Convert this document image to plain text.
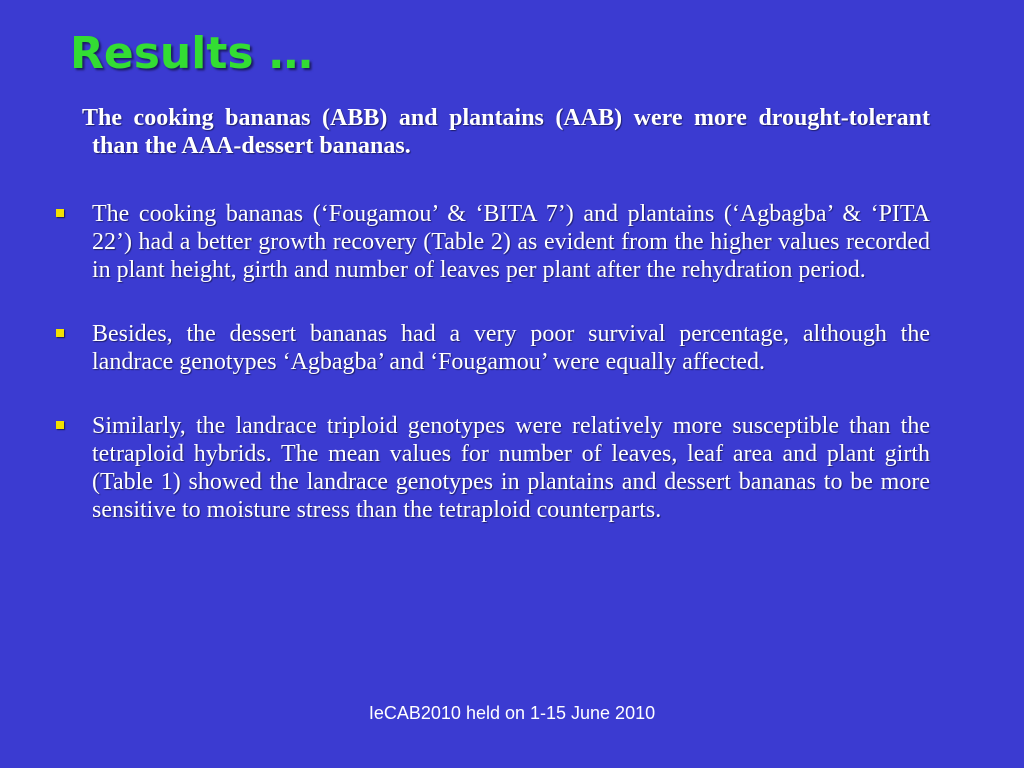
Results …
The cooking bananas (ABB) and plantains (AAB) were more drought-tolerant than the AAA-dessert bananas.
The cooking bananas (‘Fougamou’ & ‘BITA 7’) and plantains (‘Agbagba’ & ‘PITA 22’) had a better growth recovery (Table 2) as evident from the higher values recorded in plant height, girth and number of leaves per plant after the rehydration period.
Besides, the dessert bananas had a very poor survival percentage, although the landrace genotypes ‘Agbagba’ and ‘Fougamou’ were equally affected.
Similarly, the landrace triploid genotypes were relatively more susceptible than the tetraploid hybrids. The mean values for number of leaves, leaf area and plant girth (Table 1) showed the landrace genotypes in plantains and dessert bananas to be more sensitive to moisture stress than the tetraploid counterparts.
IeCAB2010 held on 1-15 June 2010
